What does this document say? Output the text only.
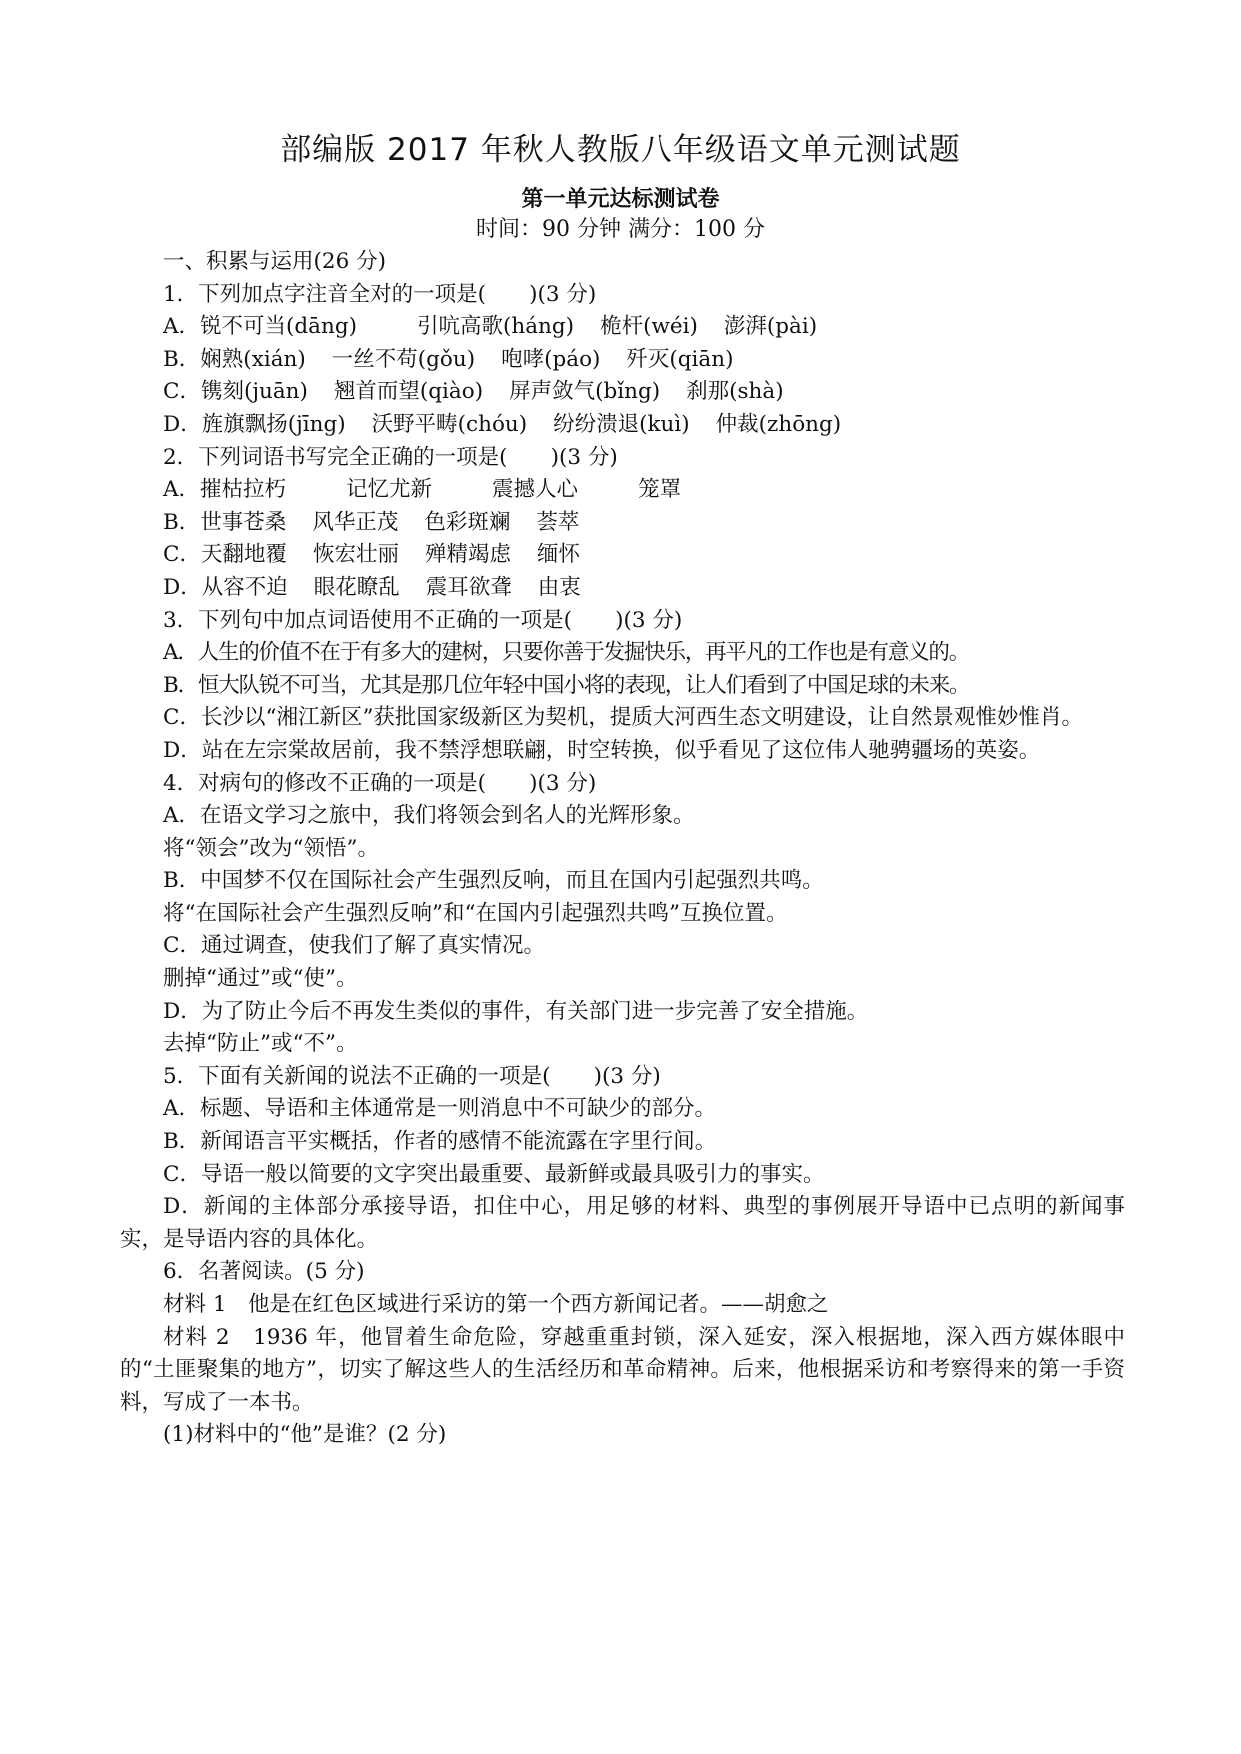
部编版 2017 年秋人教版八年级语文单元测试题
第一单元达标测试卷
时间：90 分钟 满分：100 分
一、积累与运用(26 分)
1．下列加点字注音全对的一项是(　　)(3 分)
A．锐不可当(dāng)	引吭高歌(háng) 桅杆(wéi) 澎湃(pài)
B．娴熟(xián) 一丝不苟(gǒu) 咆哮(páo) 歼灭(qiān)
C．镌刻(juān) 翘首而望(qiào) 屏声敛气(bǐng) 刹那(shà)
D．旌旗飘扬(jīng) 沃野平畴(chóu) 纷纷溃退(kuì) 仲裁(zhōng)
2．下列词语书写完全正确的一项是(　　)(3 分)
A．摧枯拉朽	记忆尤新	震撼人心	笼罩
B．世事苍桑 风华正茂 色彩斑斓 荟萃
C．天翻地覆 恢宏壮丽 殚精竭虑 缅怀
D．从容不迫 眼花瞭乱 震耳欲聋 由衷
3．下列句中加点词语使用不正确的一项是(　　)(3 分)
A．人生的价值不在于有多大的建树，只要你善于发掘快乐，再平凡的工作也是有意义的。
B．恒大队锐不可当，尤其是那几位年轻中国小将的表现，让人们看到了中国足球的未来。
C．长沙以“湘江新区”获批国家级新区为契机，提质大河西生态文明建设，让自然景观惟妙惟肖。
D．站在左宗棠故居前，我不禁浮想联翩，时空转换，似乎看见了这位伟人驰骋疆场的英姿。
4．对病句的修改不正确的一项是(　　)(3 分)
A．在语文学习之旅中，我们将领会到名人的光辉形象。
将“领会”改为“领悟”。
B．中国梦不仅在国际社会产生强烈反响，而且在国内引起强烈共鸣。
将“在国际社会产生强烈反响”和“在国内引起强烈共鸣”互换位置。
C．通过调查，使我们了解了真实情况。
删掉“通过”或“使”。
D．为了防止今后不再发生类似的事件，有关部门进一步完善了安全措施。
去掉“防止”或“不”。
5．下面有关新闻的说法不正确的一项是(　　)(3 分)
A．标题、导语和主体通常是一则消息中不可缺少的部分。
B．新闻语言平实概括，作者的感情不能流露在字里行间。
C．导语一般以简要的文字突出最重要、最新鲜或最具吸引力的事实。
D．新闻的主体部分承接导语，扣住中心，用足够的材料、典型的事例展开导语中已点明的新闻事实，是导语内容的具体化。
6．名著阅读。(5 分)
材料 1　他是在红色区域进行采访的第一个西方新闻记者。——胡愈之
材料 2　1936 年，他冒着生命危险，穿越重重封锁，深入延安，深入根据地，深入西方媒体眼中的“土匪聚集的地方”，切实了解这些人的生活经历和革命精神。后来，他根据采访和考察得来的第一手资料，写成了一本书。
(1)材料中的“他”是谁？(2 分)
